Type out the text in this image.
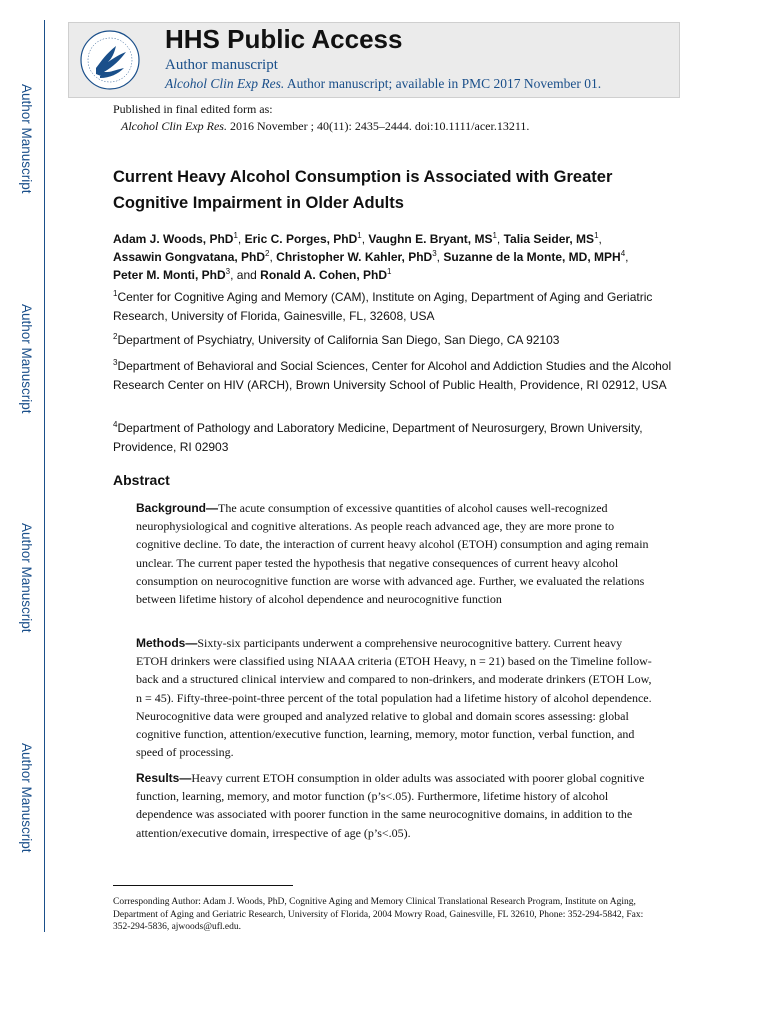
Author Manuscript
Author Manuscript
Author Manuscript
Author Manuscript
HHS Public Access
Author manuscript
Alcohol Clin Exp Res. Author manuscript; available in PMC 2017 November 01.
Published in final edited form as:
Alcohol Clin Exp Res. 2016 November ; 40(11): 2435–2444. doi:10.1111/acer.13211.
Current Heavy Alcohol Consumption is Associated with Greater Cognitive Impairment in Older Adults
Adam J. Woods, PhD$^1$, Eric C. Porges, PhD$^1$, Vaughn E. Bryant, $MS^1$, Talia Seider, $MS^1$,
Assawin Gongvatana, PhD$^2$, Christopher W. Kahler, PhD$^3$, Suzanne de la Monte, MD, MPH$^4$,
Peter M. Monti, PhD$^3$, and Ronald A. Cohen, PhD$^1$
$^1$Center for Cognitive Aging and Memory (CAM), Institute on Aging, Department of Aging and Geriatric Research, University of Florida, Gainesville, FL, 32608, USA
$^2$Department of Psychiatry, University of California San Diego, San Diego, CA 92103
$^3$Department of Behavioral and Social Sciences, Center for Alcohol and Addiction Studies and the Alcohol Research Center on HIV (ARCH), Brown University School of Public Health, Providence, RI 02912, USA
$^4$Department of Pathology and Laboratory Medicine, Department of Neurosurgery, Brown University, Providence, RI 02903
Abstract
Background—The acute consumption of excessive quantities of alcohol causes well-recognized neurophysiological and cognitive alterations. As people reach advanced age, they are more prone to cognitive decline. To date, the interaction of current heavy alcohol (ETOH) consumption and aging remain unclear. The current paper tested the hypothesis that negative consequences of current heavy alcohol consumption on neurocognitive function are worse with advanced age. Further, we evaluated the relations between lifetime history of alcohol dependence and neurocognitive function
Methods—Sixty-six participants underwent a comprehensive neurocognitive battery. Current heavy ETOH drinkers were classified using NIAAA criteria (ETOH Heavy, n = 21) based on the Timeline follow-back and a structured clinical interview and compared to non-drinkers, and moderate drinkers (ETOH Low, n = 45). Fifty-three-point-three percent of the total population had a lifetime history of alcohol dependence. Neurocognitive data were grouped and analyzed relative to global and domain scores assessing: global cognitive function, attention/executive function, learning, memory, motor function, verbal function, and speed of processing.
Results—Heavy current ETOH consumption in older adults was associated with poorer global cognitive function, learning, memory, and motor function (p’s<.05). Furthermore, lifetime history of alcohol dependence was associated with poorer function in the same neurocognitive domains, in addition to the attention/executive domain, irrespective of age (p’s<.05).
Corresponding Author: Adam J. Woods, PhD, Cognitive Aging and Memory Clinical Translational Research Program, Institute on Aging, Department of Aging and Geriatric Research, University of Florida, 2004 Mowry Road, Gainesville, FL 32610, Phone: 352-294-5842, Fax: 352-294-5836, ajwoods@ufl.edu.
